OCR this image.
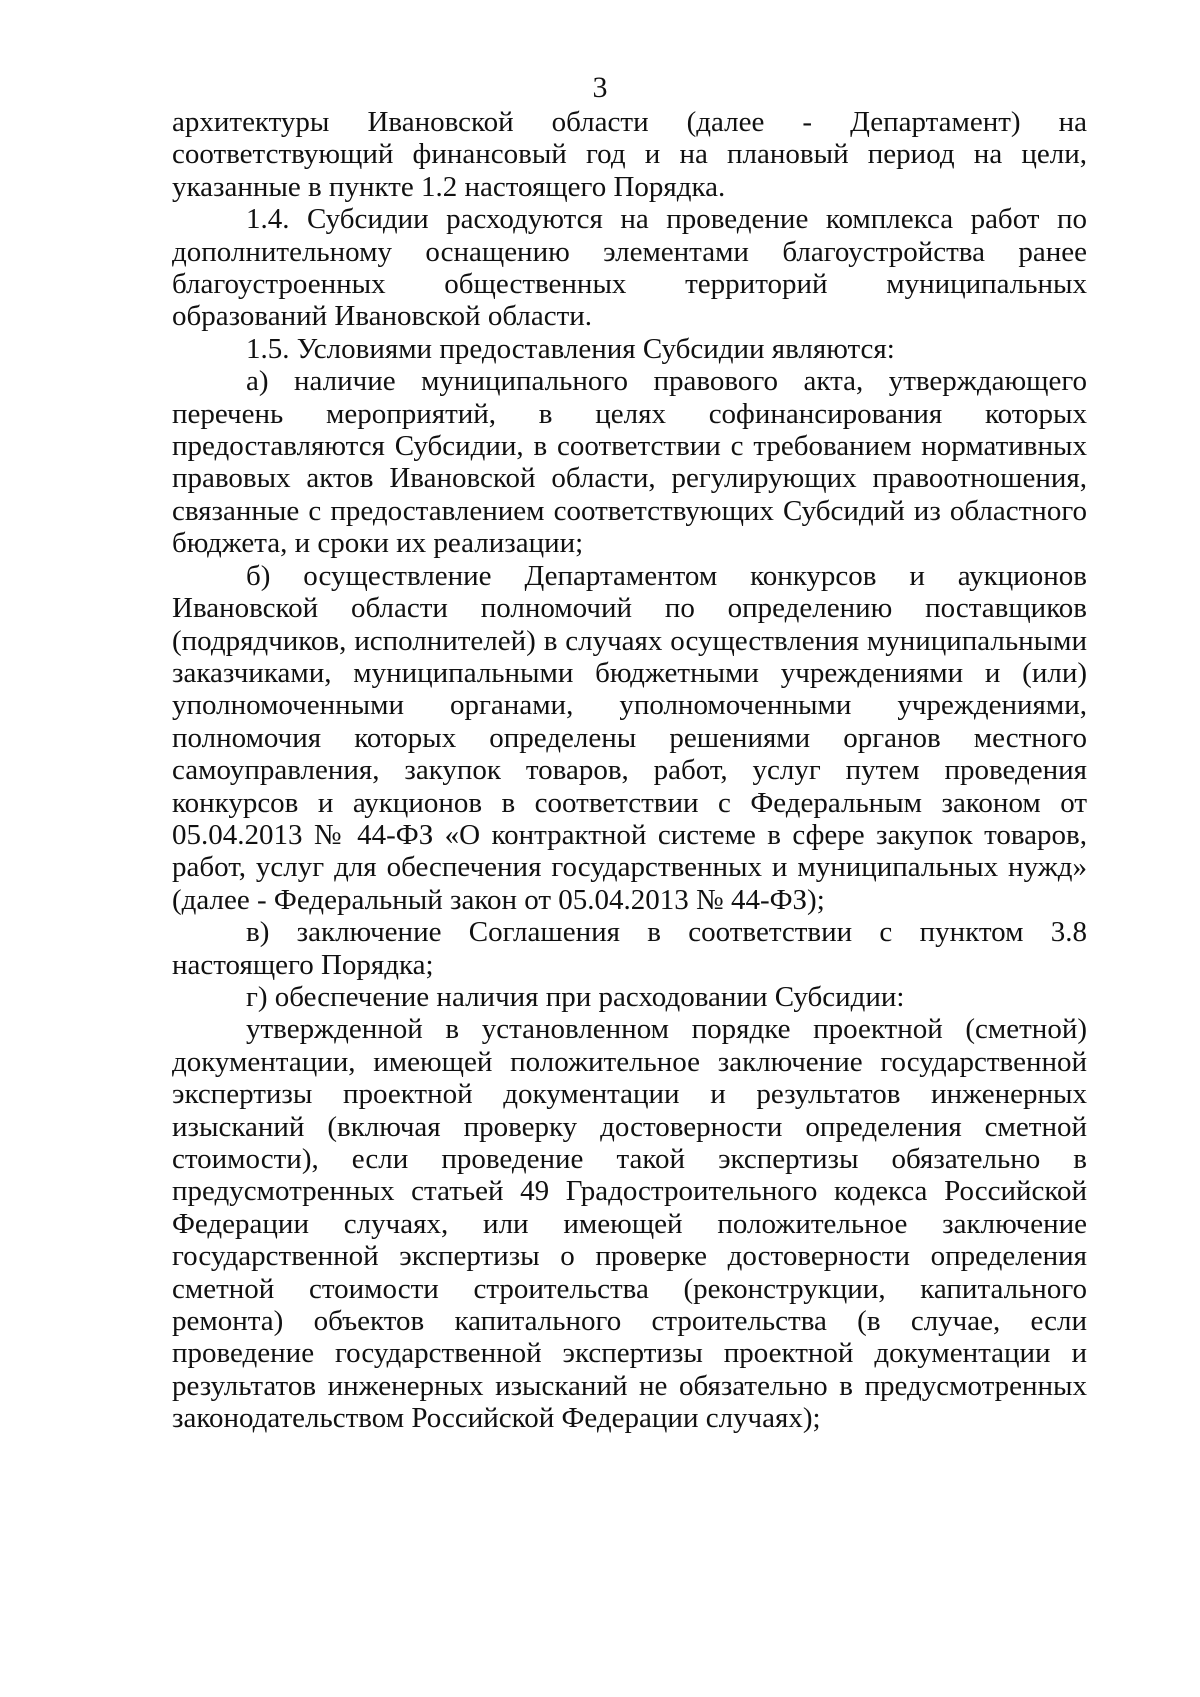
3

архитектуры Ивановской области (далее - Департамент) на соответствующий финансовый год и на плановый период на цели, указанные в пункте 1.2 настоящего Порядка.

1.4. Субсидии расходуются на проведение комплекса работ по дополнительному оснащению элементами благоустройства ранее благоустроенных общественных территорий муниципальных образований Ивановской области.

1.5. Условиями предоставления Субсидии являются:

а) наличие муниципального правового акта, утверждающего перечень мероприятий, в целях софинансирования которых предоставляются Субсидии, в соответствии с требованием нормативных правовых актов Ивановской области, регулирующих правоотношения, связанные с предоставлением соответствующих Субсидий из областного бюджета, и сроки их реализации;

б) осуществление Департаментом конкурсов и аукционов Ивановской области полномочий по определению поставщиков (подрядчиков, исполнителей) в случаях осуществления муниципальными заказчиками, муниципальными бюджетными учреждениями и (или) уполномоченными органами, уполномоченными учреждениями, полномочия которых определены решениями органов местного самоуправления, закупок товаров, работ, услуг путем проведения конкурсов и аукционов в соответствии с Федеральным законом от 05.04.2013 № 44-ФЗ «О контрактной системе в сфере закупок товаров, работ, услуг для обеспечения государственных и муниципальных нужд» (далее - Федеральный закон от 05.04.2013 № 44-ФЗ);

в) заключение Соглашения в соответствии с пунктом 3.8 настоящего Порядка;

г) обеспечение наличия при расходовании Субсидии:

утвержденной в установленном порядке проектной (сметной) документации, имеющей положительное заключение государственной экспертизы проектной документации и результатов инженерных изысканий (включая проверку достоверности определения сметной стоимости), если проведение такой экспертизы обязательно в предусмотренных статьей 49 Градостроительного кодекса Российской Федерации случаях, или имеющей положительное заключение государственной экспертизы о проверке достоверности определения сметной стоимости строительства (реконструкции, капитального ремонта) объектов капитального строительства (в случае, если проведение государственной экспертизы проектной документации и результатов инженерных изысканий не обязательно в предусмотренных законодательством Российской Федерации случаях);
